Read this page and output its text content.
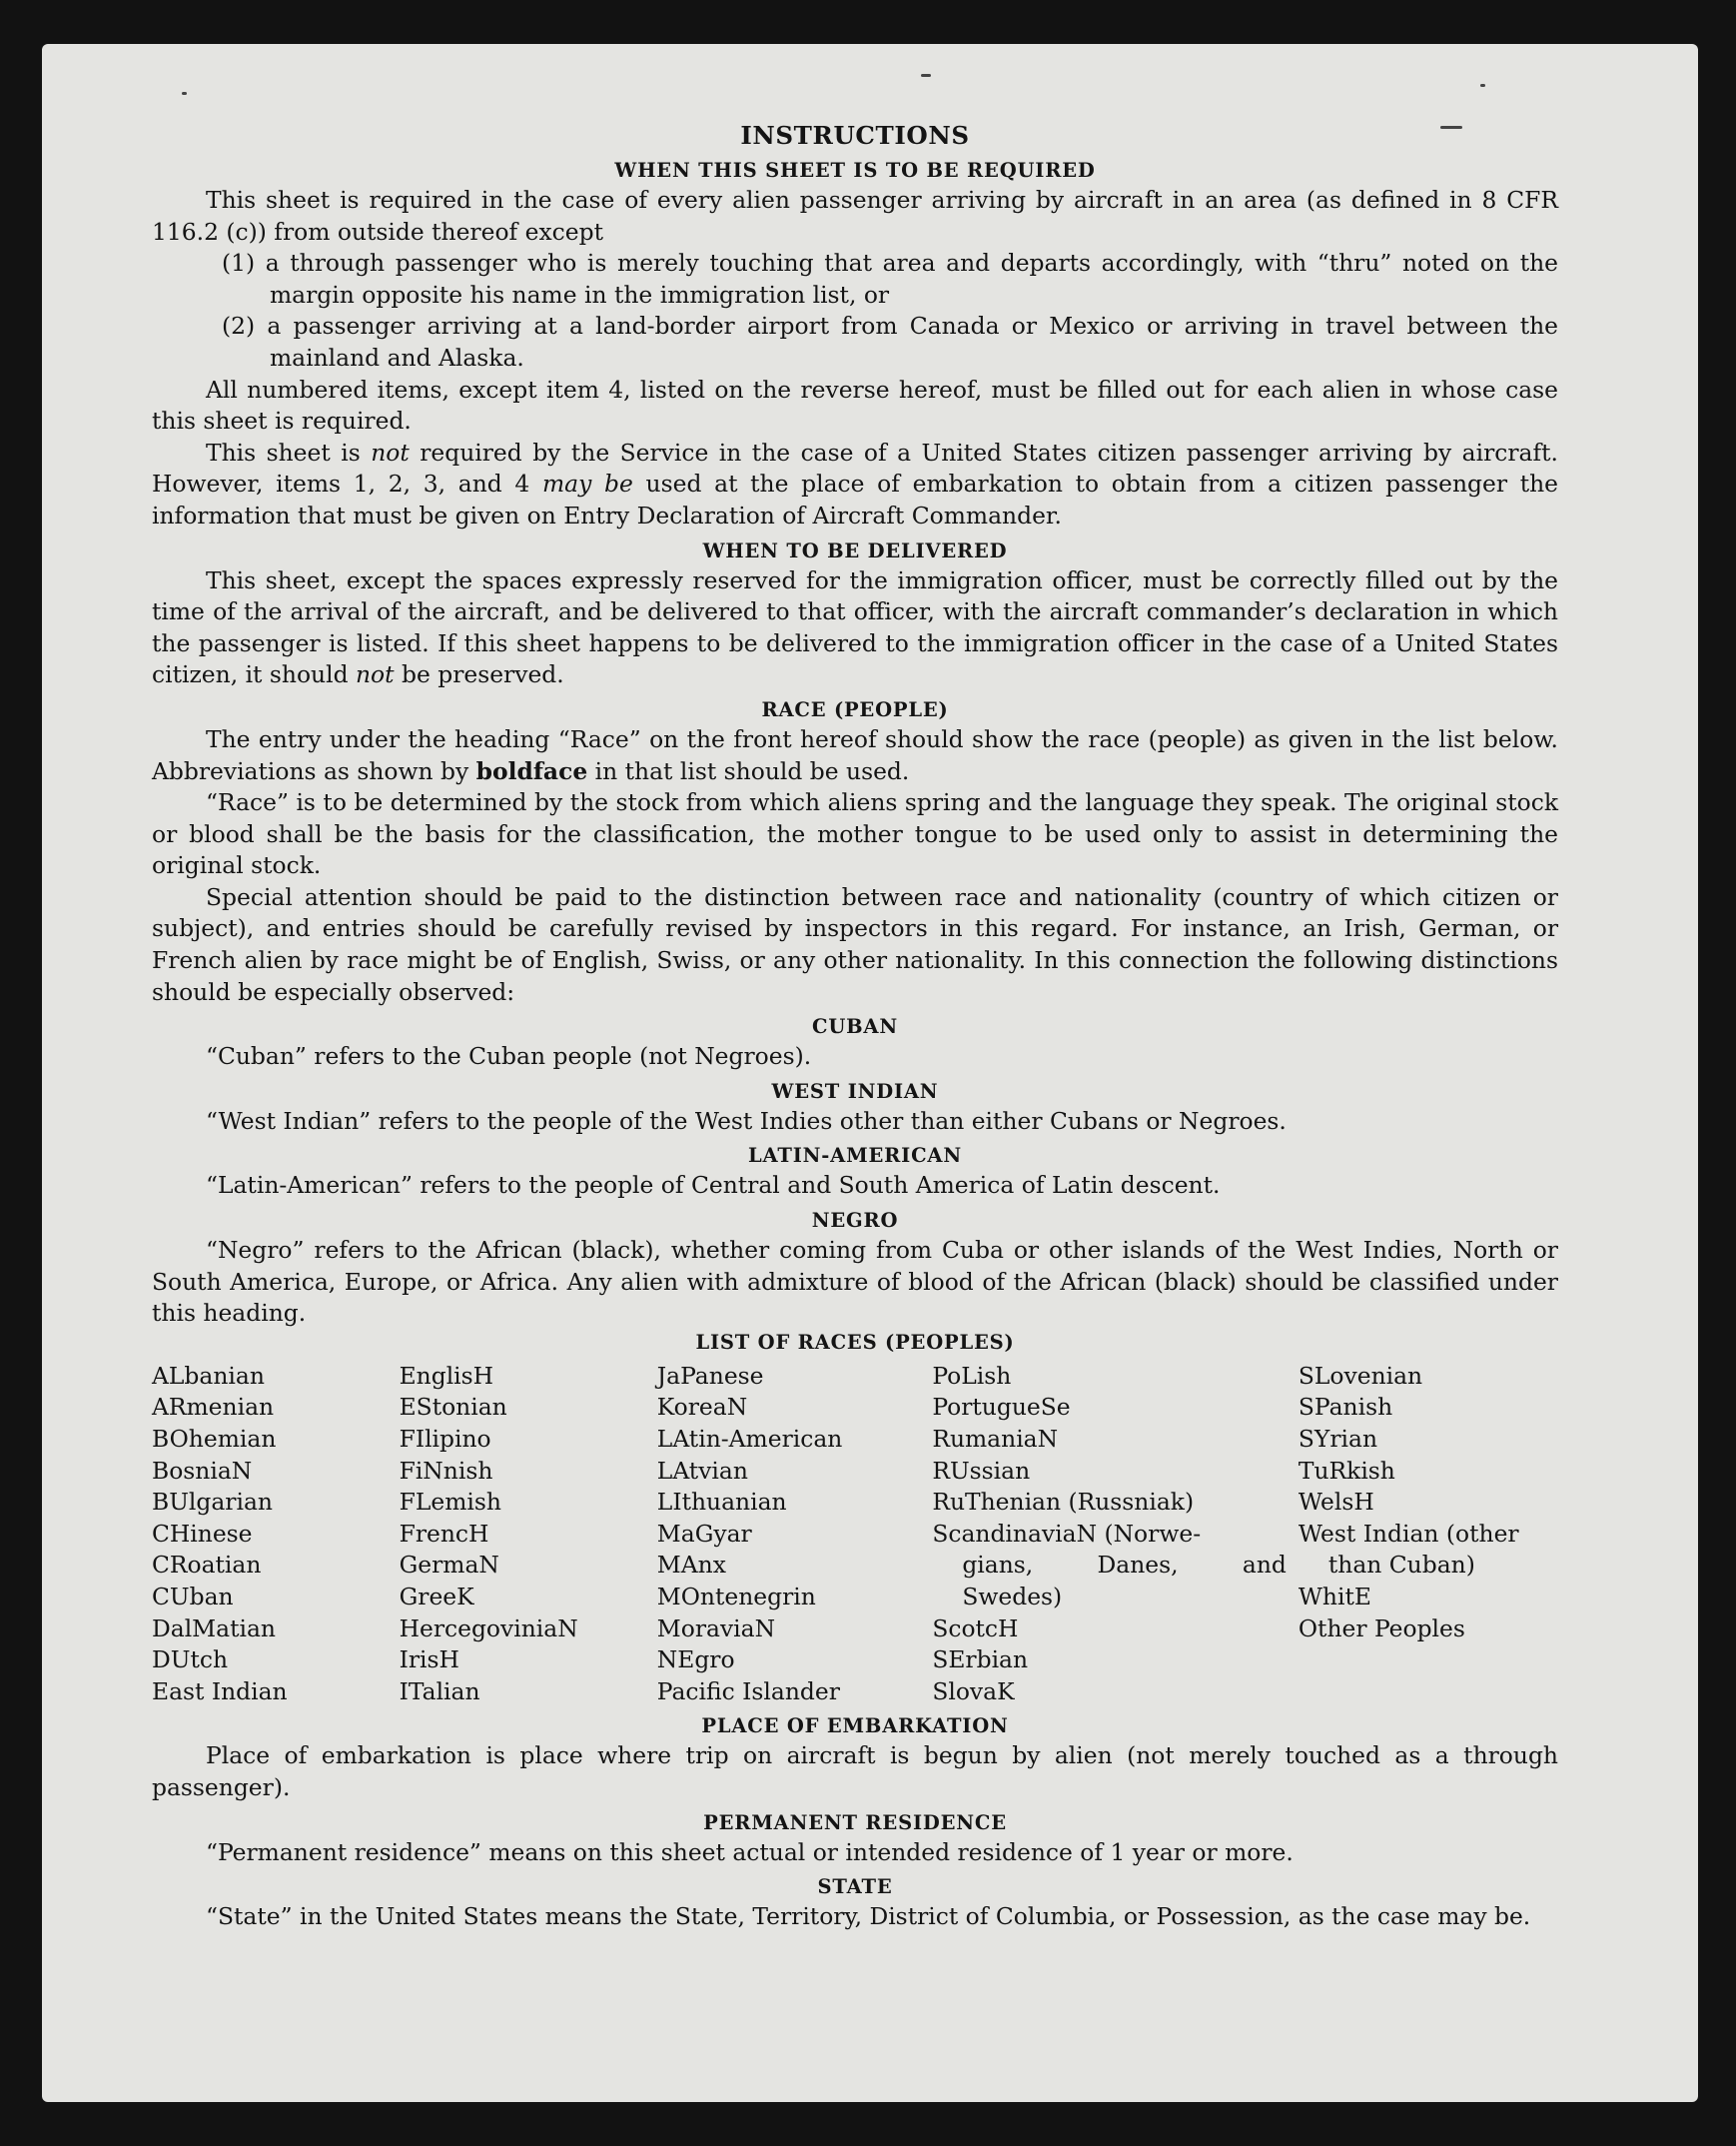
INSTRUCTIONS
WHEN THIS SHEET IS TO BE REQUIRED

This sheet is required in the case of every alien passenger arriving by aircraft in an area (as defined in 8 CFR 116.2 (c)) from outside thereof except

(1) a through passenger who is merely touching that area and departs accordingly, with “thru” noted on the margin opposite his name in the immigration list, or

(2) a passenger arriving at a land-border airport from Canada or Mexico or arriving in travel between the mainland and Alaska.

All numbered items, except item 4, listed on the reverse hereof, must be filled out for each alien in whose case this sheet is required.

This sheet is not required by the Service in the case of a United States citizen passenger arriving by aircraft. However, items 1, 2, 3, and 4 may be used at the place of embarkation to obtain from a citizen passenger the information that must be given on Entry Declaration of Aircraft Commander.

WHEN TO BE DELIVERED

This sheet, except the spaces expressly reserved for the immigration officer, must be correctly filled out by the time of the arrival of the aircraft, and be delivered to that officer, with the aircraft commander’s declaration in which the passenger is listed. If this sheet happens to be delivered to the immigration officer in the case of a United States citizen, it should not be preserved.

RACE (PEOPLE)

The entry under the heading “Race” on the front hereof should show the race (people) as given in the list below. Abbreviations as shown by boldface in that list should be used.

“Race” is to be determined by the stock from which aliens spring and the language they speak. The original stock or blood shall be the basis for the classification, the mother tongue to be used only to assist in determining the original stock.

Special attention should be paid to the distinction between race and nationality (country of which citizen or subject), and entries should be carefully revised by inspectors in this regard. For instance, an Irish, German, or French alien by race might be of English, Swiss, or any other nationality. In this connection the following distinctions should be especially observed:

CUBAN

“Cuban” refers to the Cuban people (not Negroes).

WEST INDIAN

“West Indian” refers to the people of the West Indies other than either Cubans or Negroes.

LATIN-AMERICAN

“Latin-American” refers to the people of Central and South America of Latin descent.

NEGRO

“Negro” refers to the African (black), whether coming from Cuba or other islands of the West Indies, North or South America, Europe, or Africa. Any alien with admixture of blood of the African (black) should be classified under this heading.

LIST OF RACES (PEOPLES)
ALbanian
ARmenian
BOhemian
BosniaN
BUlgarian
CHinese
CRoatian
CUban
DalMatian
DUtch
East Indian
EnglisH
EStonian
FIlipino
FiNnish
FLemish
FrencH
GermaN
GreeK
HercegoviniaN
IrisH
ITalian
JaPanese
KoreaN
LAtin-American
LAtvian
LIthuanian
MaGyar
MAnx
MOntenegrin
MoraviaN
NEgro
Pacific Islander
PoLish
PortugueSe
RumaniaN
RUssian
RuThenian (Russniak)
ScandinaviaN (Norwe-
gians,	Danes,	and
Swedes)
ScotcH
SErbian
SlovaK
SLovenian
SPanish
SYrian
TuRkish
WelsH
West Indian (other
than Cuban)
WhitE
Other Peoples
PLACE OF EMBARKATION

Place of embarkation is place where trip on aircraft is begun by alien (not merely touched as a through passenger).

PERMANENT RESIDENCE

“Permanent residence” means on this sheet actual or intended residence of 1 year or more.

STATE

“State” in the United States means the State, Territory, District of Columbia, or Possession, as the case may be.
